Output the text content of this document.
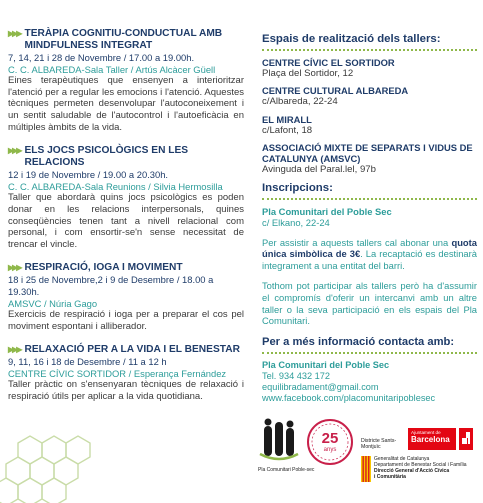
▶▶▶ TERÀPIA COGNITIU-CONDUCTUAL AMB MINDFULNESS INTEGRAT
7, 14, 21 i 28 de Novembre / 17.00 a 19.00h.
C. C. ALBAREDA-Sala Taller / Artús Alcàcer Güell
Eines terapèutiques que ensenyen a interioritzar l'atenció per a regular les emocions i l'atenció. Aquestes tècniques permeten desenvolupar l'autoconeixement i un sentit saludable de l'autocontrol i l'autoeficàcia en múltiples àmbits de la vida.
▶▶▶ ELS JOCS PSICOLÒGICS EN LES RELACIONS
12 i 19 de Novembre / 19.00 a 20.30h.
C. C. ALBAREDA-Sala Reunions / Silvia Hermosilla
Taller que abordarà quins jocs psicològics es poden donar en les relacions interpersonals, quines conseqüències tenen tant a nivell relacional com personal, i com ensortir-se'n sense necessitat de trencar el vincle.
▶▶▶ RESPIRACIÓ, IOGA I MOVIMENT
18 i 25 de Novembre,2 i 9 de Desembre / 18.00 a 19.30h.
AMSVC / Núria Gago
Exercicis de respiració i ioga per a preparar el cos pel moviment espontani i alliberador.
▶▶▶ RELAXACIÓ PER A LA VIDA I EL BENESTAR
9, 11, 16 i 18 de Desembre / 11 a 12 h
CENTRE CÍVIC SORTIDOR / Esperança Fernández
Taller pràctic on s'ensenyaran tècniques de relaxació i respiració útils per aplicar a la vida quotidiana.
Espais de realització dels tallers:
CENTRE CÍVIC EL SORTIDOR
Plaça del Sortidor, 12
CENTRE CULTURAL ALBAREDA
c/Albareda, 22-24
EL MIRALL
c/Lafont, 18
ASSOCIACIÓ MIXTE DE SEPARATS I VIDUS DE CATALUNYA (AMSVC)
Avinguda del Paral.lel, 97b
Inscripcions:
Pla Comunitari del Poble Sec
c/ Elkano, 22-24
Per assistir a aquests tallers cal abonar una quota única simbòlica de 3€. La recaptació es destinarà integrament a una entitat del barri.
Tothom pot participar als tallers però ha d'assumir el compromís d'oferir un intercanvi amb un altre taller o la seva participació en els espais del Pla Comunitari.
Per a més informació contacta amb:
Pla Comunitari del Poble Sec
Tel. 934 432 172
equilibradament@gmail.com
www.facebook.com/placomunitaripoblesec
Pla Comunitari Poble-sec
25
anys
Districte Sants-Montjuïc
Ajuntament de
Barcelona
Generalitat de Catalunya
Departament de Benestar Social i Família
Direcció General d'Acció Cívica
i Comunitària
